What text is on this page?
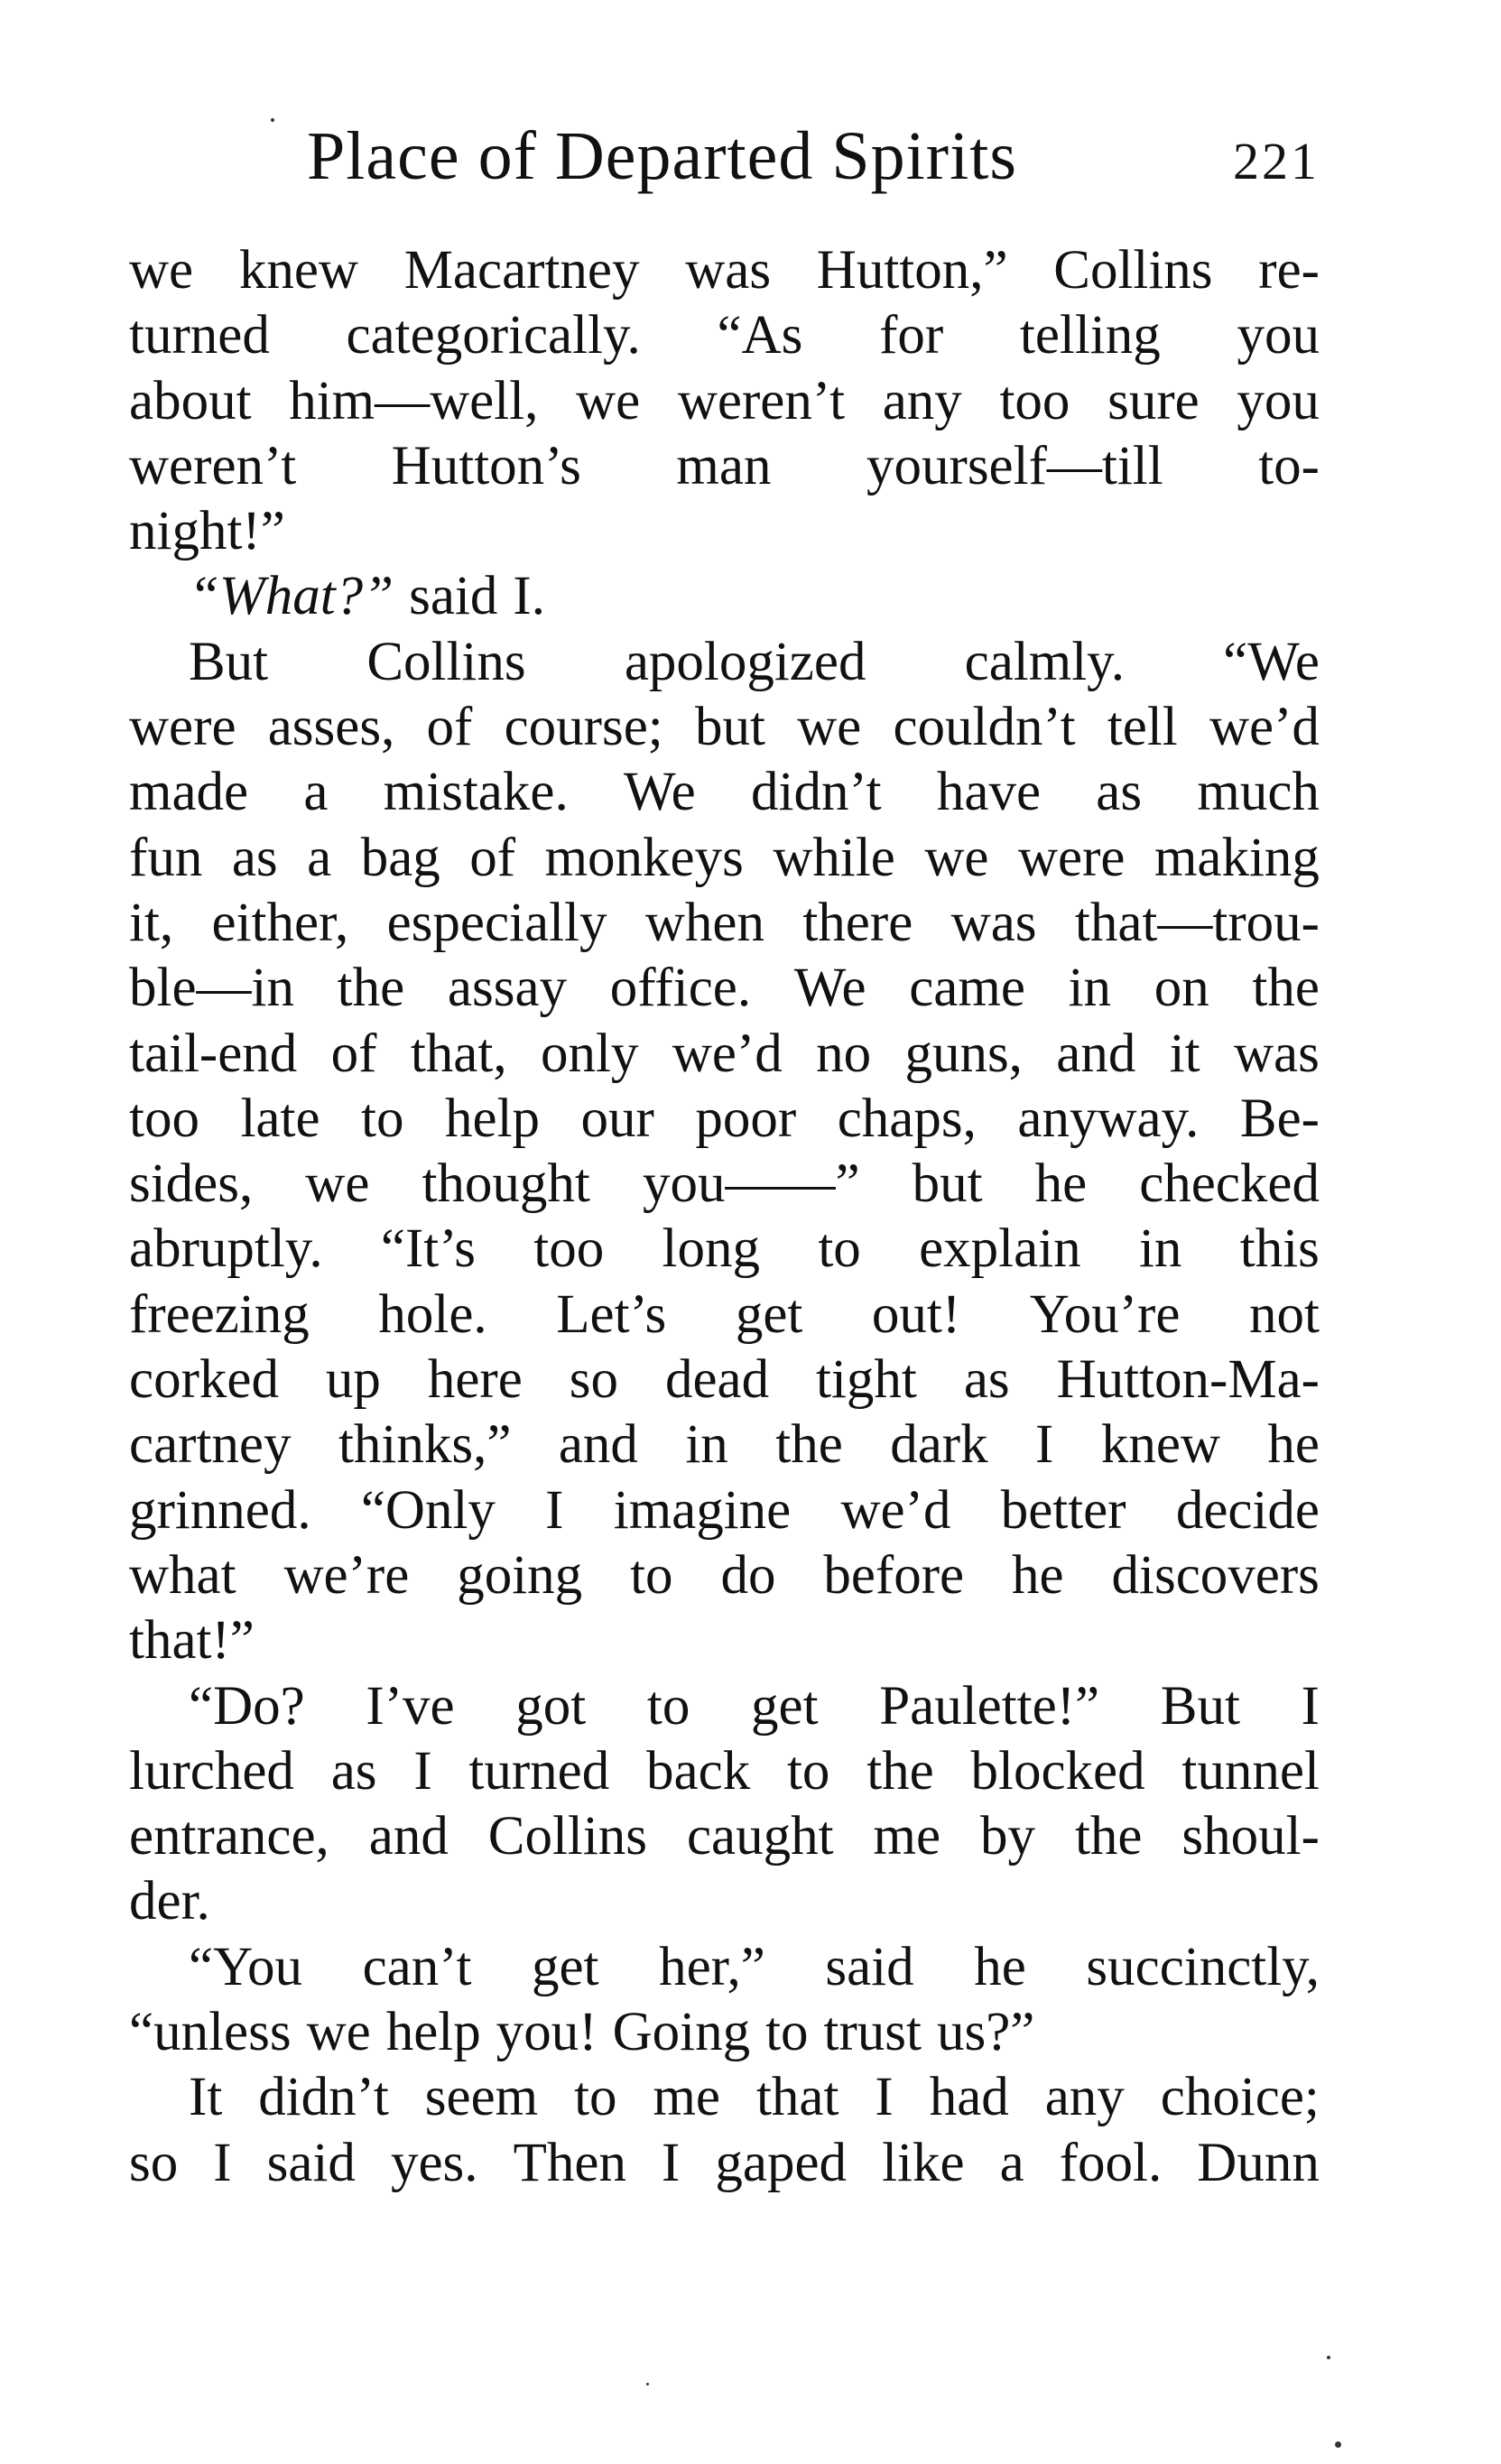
Place of Departed Spirits	221
we knew Macartney was Hutton,” Collins re-
turned categorically. “As for telling you
about him—well, we weren’t any too sure you
weren’t Hutton’s man yourself—till to-
night!”
“What?” said I.
But Collins apologized calmly. “We
were asses, of course; but we couldn’t tell we’d
made a mistake. We didn’t have as much
fun as a bag of monkeys while we were making
it, either, especially when there was that—trou-
ble—in the assay office. We came in on the
tail-end of that, only we’d no guns, and it was
too late to help our poor chaps, anyway. Be-
sides, we thought you——” but he checked
abruptly. “It’s too long to explain in this
freezing hole. Let’s get out! You’re not
corked up here so dead tight as Hutton-Ma-
cartney thinks,” and in the dark I knew he
grinned. “Only I imagine we’d better decide
what we’re going to do before he discovers
that!”
“Do? I’ve got to get Paulette!” But I
lurched as I turned back to the blocked tunnel
entrance, and Collins caught me by the shoul-
der.
“You can’t get her,” said he succinctly,
“unless we help you! Going to trust us?”
It didn’t seem to me that I had any choice;
so I said yes. Then I gaped like a fool. Dunn
